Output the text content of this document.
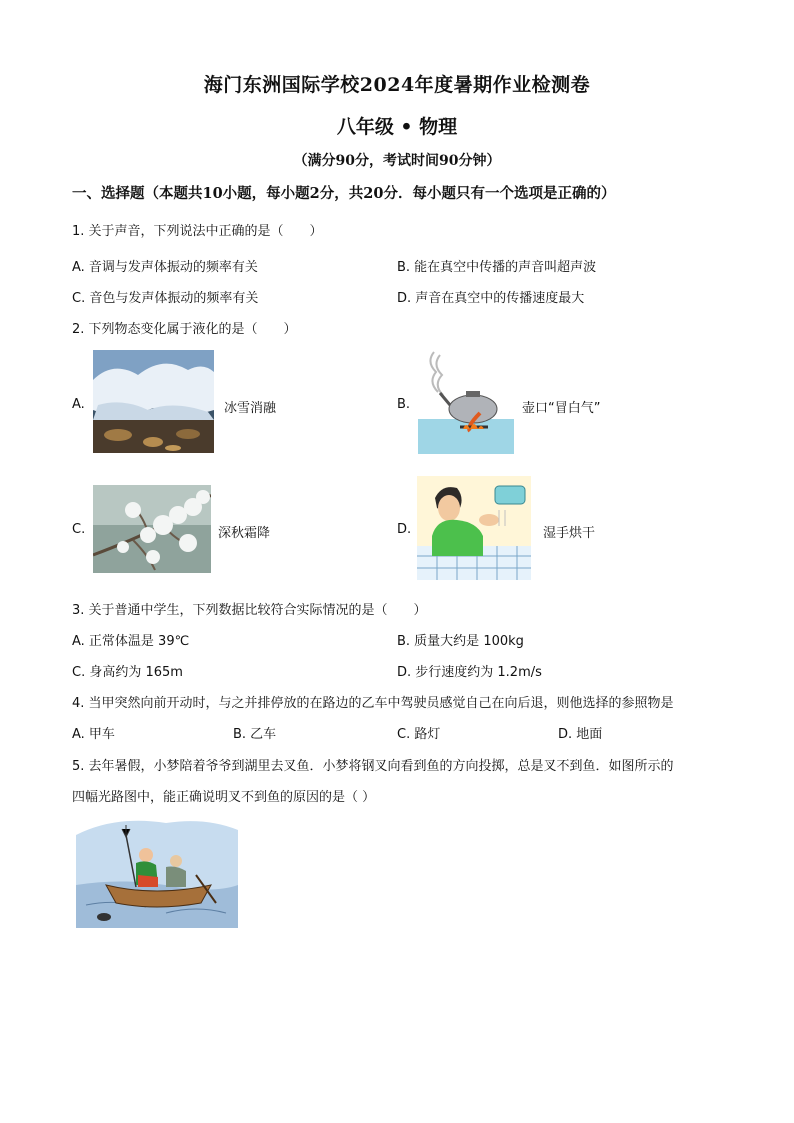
海门东洲国际学校2024年度暑期作业检测卷
八年级 • 物理
（满分90分，考试时间90分钟）
一、选择题（本题共10小题，每小题2分，共20分．每小题只有一个选项是正确的）
1. 关于声音，下列说法中正确的是（　　）
A. 音调与发声体振动的频率有关	B. 能在真空中传播的声音叫超声波
C. 音色与发声体振动的频率有关	D. 声音在真空中的传播速度最大
2. 下列物态变化属于液化的是（　　）
A.	冰雪消融	B.	壶口“冒白气”
C.	深秋霜降	D.	湿手烘干
3. 关于普通中学生，下列数据比较符合实际情况的是（　　）
A. 正常体温是 39℃	B. 质量大约是 100kg
C. 身高约为 165m	D. 步行速度约为 1.2m/s
4. 当甲突然向前开动时，与之并排停放的在路边的乙车中驾驶员感觉自己在向后退，则他选择的参照物是
A. 甲车	B. 乙车	C. 路灯	D. 地面
5. 去年暑假，小梦陪着爷爷到湖里去叉鱼．小梦将钢叉向看到鱼的方向投掷，总是叉不到鱼．如图所示的
四幅光路图中，能正确说明叉不到鱼的原因的是（ ）
